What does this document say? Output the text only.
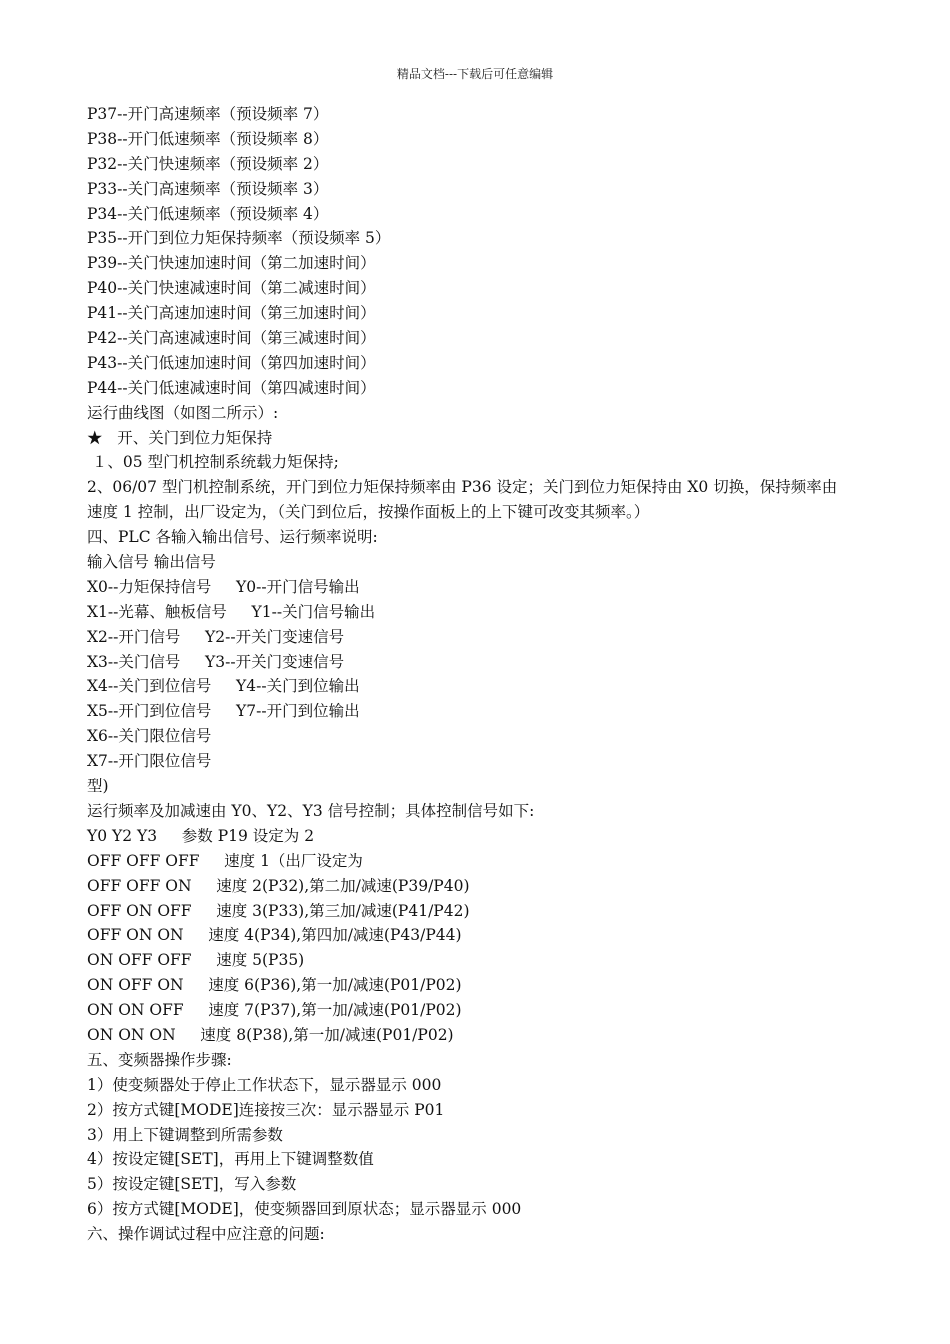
精品文档---下载后可任意编辑
P37--开门高速频率（预设频率 7）
P38--开门低速频率（预设频率 8）
P32--关门快速频率（预设频率 2）
P33--关门高速频率（预设频率 3）
P34--关门低速频率（预设频率 4）
P35--开门到位力矩保持频率（预设频率 5）
P39--关门快速加速时间（第二加速时间）
P40--关门快速减速时间（第二减速时间）
P41--关门高速加速时间（第三加速时间）
P42--关门高速减速时间（第三减速时间）
P43--关门低速加速时间（第四加速时间）
P44--关门低速减速时间（第四减速时间）
运行曲线图（如图二所示）:
★   开、关门到位力矩保持
１、05 型门机控制系统载力矩保持;
2、06/07 型门机控制系统，开门到位力矩保持频率由 P36 设定；关门到位力矩保持由 X0 切换，保持频率由
速度 1 控制，出厂设定为，（关门到位后，按操作面板上的上下键可改变其频率。）
四、PLC 各输入输出信号、运行频率说明:
输入信号 输出信号
X0--力矩保持信号     Y0--开门信号输出
X1--光幕、触板信号     Y1--关门信号输出
X2--开门信号     Y2--开关门变速信号
X3--关门信号     Y3--开关门变速信号
X4--关门到位信号     Y4--关门到位输出
X5--开门到位信号     Y7--开门到位输出
X6--关门限位信号
X7--开门限位信号
型)
运行频率及加减速由 Y0、Y2、Y3 信号控制；具体控制信号如下:
Y0 Y2 Y3     参数 P19 设定为 2
OFF OFF OFF     速度 1（出厂设定为
OFF OFF ON     速度 2(P32),第二加/减速(P39/P40)
OFF ON OFF     速度 3(P33),第三加/减速(P41/P42)
OFF ON ON     速度 4(P34),第四加/减速(P43/P44)
ON OFF OFF     速度 5(P35)
ON OFF ON     速度 6(P36),第一加/减速(P01/P02)
ON ON OFF     速度 7(P37),第一加/减速(P01/P02)
ON ON ON     速度 8(P38),第一加/减速(P01/P02)
五、变频器操作步骤:
1）使变频器处于停止工作状态下，显示器显示 000
2）按方式键[MODE]连接按三次：显示器显示 P01
3）用上下键调整到所需参数
4）按设定键[SET]，再用上下键调整数值
5）按设定键[SET]，写入参数
6）按方式键[MODE]，使变频器回到原状态；显示器显示 000
六、操作调试过程中应注意的问题:
